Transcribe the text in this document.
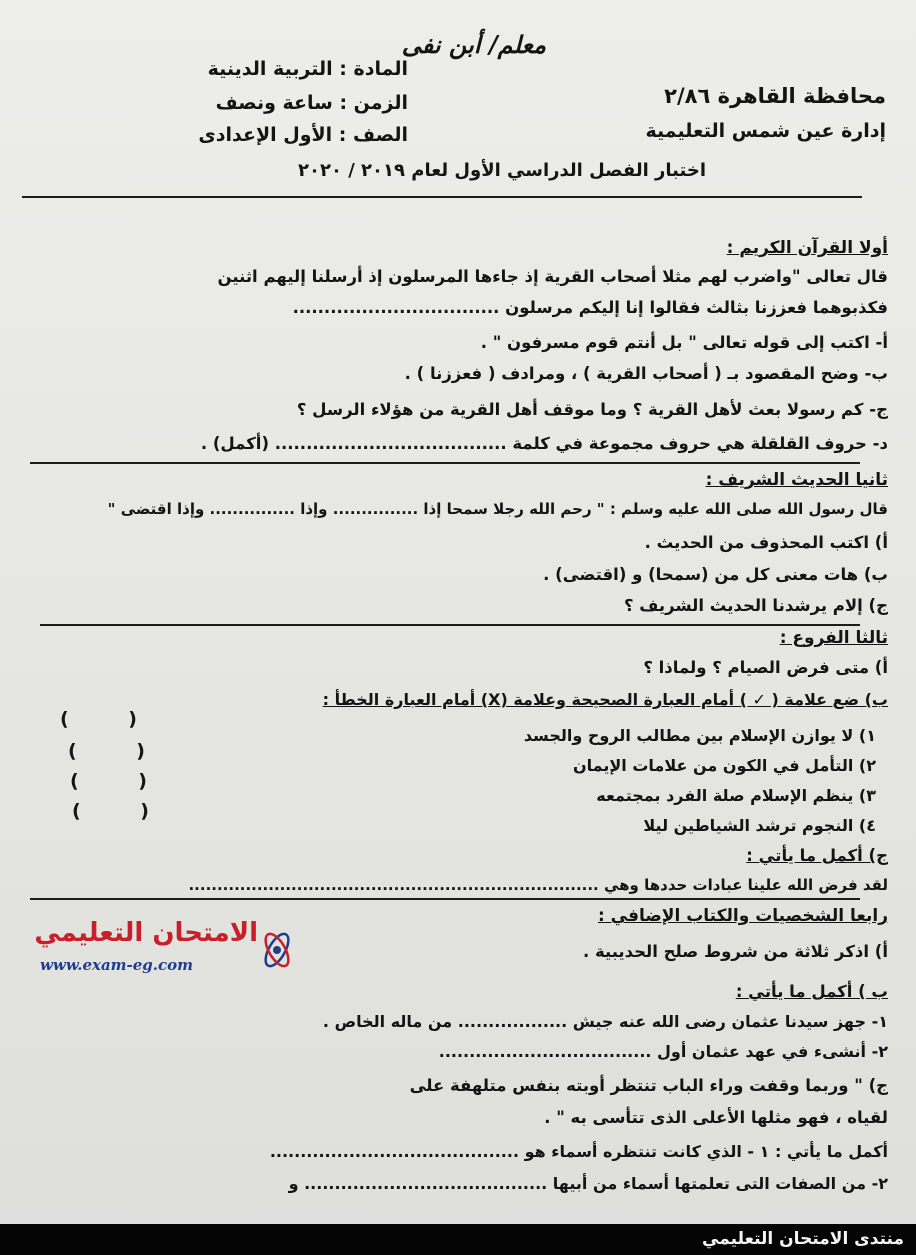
معلم/ أبن نفى
محافظة القاهرة ٢/٨٦
إدارة عين شمس التعليمية
المادة : التربية الدينية
الزمن : ساعة ونصف
الصف : الأول الإعدادى
اختبار الفصل الدراسي الأول لعام ٢٠١٩ / ٢٠٢٠
أولا القرآن الكريم :
قال تعالى "واضرب لهم مثلا أصحاب القرية إذ جاءها المرسلون إذ أرسلنا إليهم اثنين
فكذبوهما فعززنا بثالث فقالوا إنا إليكم مرسلون .................................
أ- اكتب إلى قوله تعالى " بل أنتم قوم مسرفون " .
ب- وضح المقصود بـ ( أصحاب القرية ) ، ومرادف ( فعززنا ) .
ج- كم رسولا بعث لأهل القرية ؟ وما موقف أهل القرية من هؤلاء الرسل ؟
د- حروف القلقلة هي حروف مجموعة في كلمة ..................................... (أكمل) .
ثانيا الحديث الشريف :
قال رسول الله صلى الله عليه وسلم : " رحم الله رجلا سمحا إذا ............... وإذا ............... وإذا اقتضى "
أ) اكتب المحذوف من الحديث .
ب) هات معنى كل من (سمحا) و (اقتضى) .
ج) إلام يرشدنا الحديث الشريف ؟
ثالثا الفروع :
أ) متى فرض الصيام ؟ ولماذا ؟
ب) ضع علامة ( ✓ ) أمام العبارة الصحيحة وعلامة (X) أمام العبارة الخطأ :
١) لا يوازن الإسلام بين مطالب الروح والجسد
٢) التأمل في الكون من علامات الإيمان
٣) ينظم الإسلام صلة الفرد بمجتمعه
٤) النجوم ترشد الشياطين ليلا
(         )
(         )
(         )
(         )
ج) أكمل ما يأتي :
لقد فرض الله علينا عبادات حددها وهي ........................................................................
رابعا الشخصيات والكتاب الإضافي :
أ) اذكر ثلاثة من شروط صلح الحديبية .
ب ) أكمل ما يأتي :
١- جهز سيدنا عثمان رضى الله عنه جيش .................. من ماله الخاص .
٢- أنشىء في عهد عثمان أول ...................................
ج) " وربما وقفت وراء الباب تنتظر أوبته بنفس متلهفة على
لقياه ، فهو مثلها الأعلى الذى تتأسى به " .
أكمل ما يأتي : ١ - الذي كانت تنتظره أسماء هو .........................................
٢- من الصفات التى تعلمتها أسماء من أبيها ........................................ و
الامتحان التعليمي
www.exam-eg.com
منتدى الامتحان التعليمي
